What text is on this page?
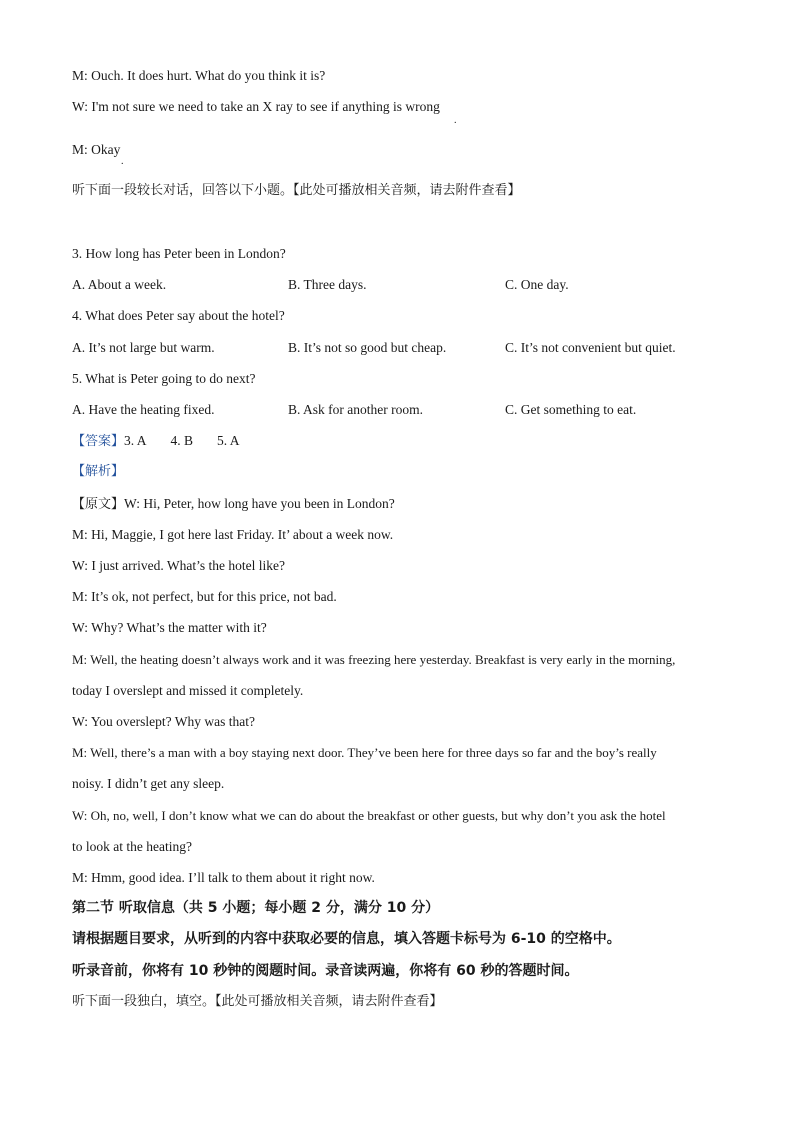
M: Ouch. It does hurt. What do you think it is?
W: I'm not sure we need to take an X ray to see if anything is wrong
.
M: Okay
.
听下面一段较长对话，回答以下小题。【此处可播放相关音频，请去附件查看】
3. How long has Peter been in London?
A. About a week.	B. Three days.	C. One day.
4. What does Peter say about the hotel?
A. It’s not large but warm.	B. It’s not so good but cheap.	C. It’s not convenient but quiet.
5. What is Peter going to do next?
A. Have the heating fixed.	B. Ask for another room.	C. Get something to eat.
【答案】3. A 4. B 5. A
【解析】
【原文】W: Hi, Peter, how long have you been in London?
M: Hi, Maggie, I got here last Friday. It’ about a week now.
W: I just arrived. What’s the hotel like?
M: It’s ok, not perfect, but for this price, not bad.
W: Why? What’s the matter with it?
M: Well, the heating doesn’t always work and it was freezing here yesterday. Breakfast is very early in the morning,
today I overslept and missed it completely.
W: You overslept? Why was that?
M: Well, there’s a man with a boy staying next door. They’ve been here for three days so far and the boy’s really
noisy. I didn’t get any sleep.
W: Oh, no, well, I don’t know what we can do about the breakfast or other guests, but why don’t you ask the hotel
to look at the heating?
M: Hmm, good idea. I’ll talk to them about it right now.
第二节 听取信息（共 5 小题；每小题 2 分，满分 10 分）
请根据题目要求，从听到的内容中获取必要的信息，填入答题卡标号为 6-10 的空格中。
听录音前，你将有 10 秒钟的阅题时间。录音读两遍，你将有 60 秒的答题时间。
听下面一段独白，填空。【此处可播放相关音频，请去附件查看】
